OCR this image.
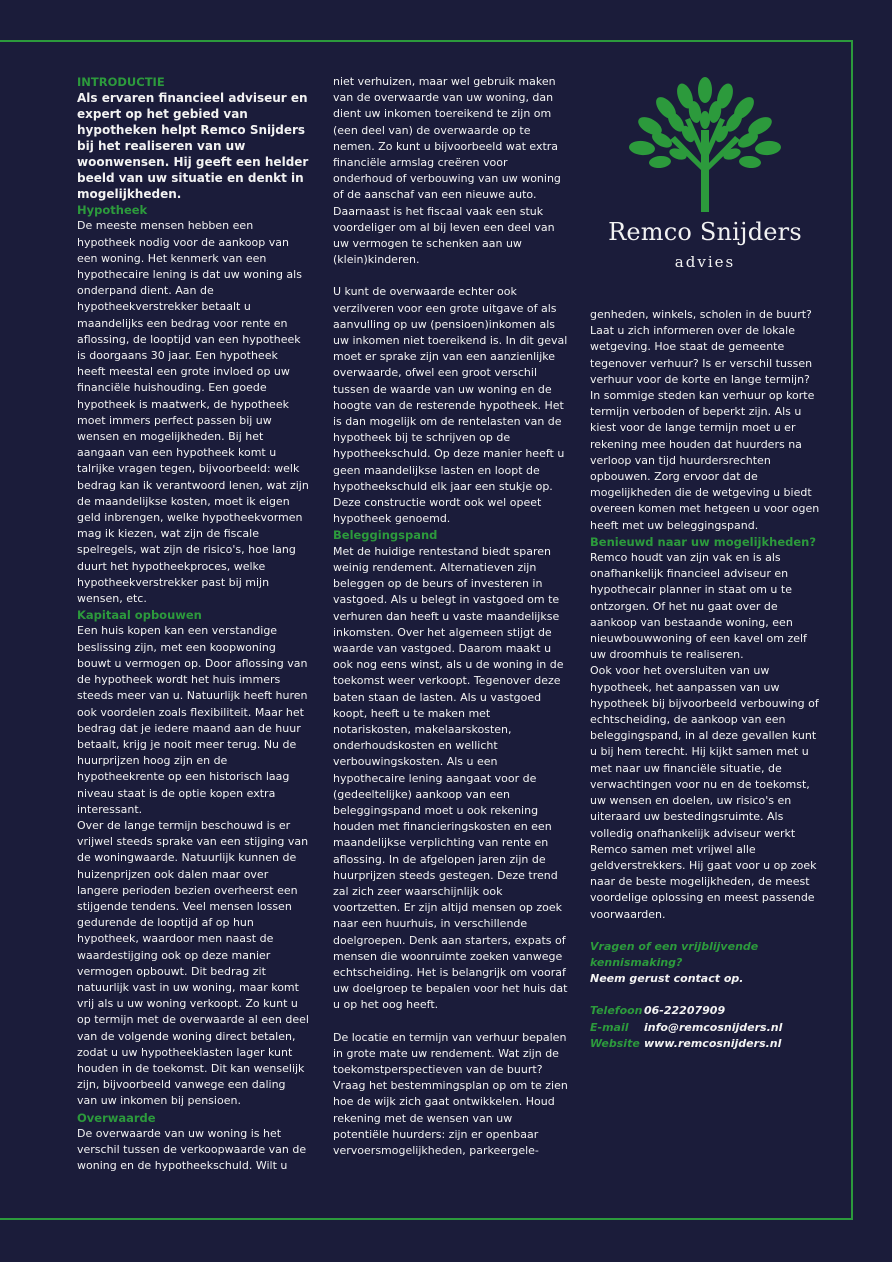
Remco Snijders
advies

INTRODUCTIE

Als ervaren financieel adviseur en expert op het gebied van hypotheken helpt Remco Snijders bij het realiseren van uw woonwensen. Hij geeft een helder beeld van uw situatie en denkt in mogelijkheden.

Hypotheek

De meeste mensen hebben een hypotheek nodig voor de aankoop van een woning. Het kenmerk van een hypothecaire lening is dat uw woning als onderpand dient. Aan de hypotheekverstrekker betaalt u maandelijks een bedrag voor rente en aflossing, de looptijd van een hypotheek is doorgaans 30 jaar. Een hypotheek heeft meestal een grote invloed op uw financiële huishouding. Een goede hypotheek is maatwerk, de hypotheek moet immers perfect passen bij uw wensen en mogelijkheden. Bij het aangaan van een hypotheek komt u talrijke vragen tegen, bijvoorbeeld: welk bedrag kan ik verantwoord lenen, wat zijn de maandelijkse kosten, moet ik eigen geld inbrengen, welke hypotheekvormen mag ik kiezen, wat zijn de fiscale spelregels, wat zijn de risico's, hoe lang duurt het hypotheekproces, welke hypotheekverstrekker past bij mijn wensen, etc.

Kapitaal opbouwen

Een huis kopen kan een verstandige beslissing zijn, met een koopwoning bouwt u vermogen op. Door aflossing van de hypotheek wordt het huis immers steeds meer van u. Natuurlijk heeft huren ook voordelen zoals flexibiliteit. Maar het bedrag dat je iedere maand aan de huur betaalt, krijg je nooit meer terug. Nu de huurprijzen hoog zijn en de hypotheekrente op een historisch laag niveau staat is de optie kopen extra interessant.

Over de lange termijn beschouwd is er vrijwel steeds sprake van een stijging van de woningwaarde. Natuurlijk kunnen de huizenprijzen ook dalen maar over langere perioden bezien overheerst een stijgende tendens. Veel mensen lossen gedurende de looptijd af op hun hypotheek, waardoor men naast de waardestijging ook op deze manier vermogen opbouwt. Dit bedrag zit natuurlijk vast in uw woning, maar komt vrij als u uw woning verkoopt. Zo kunt u op termijn met de overwaarde al een deel van de volgende woning direct betalen, zodat u uw hypotheeklasten lager kunt houden in de toekomst. Dit kan wenselijk zijn, bijvoorbeeld vanwege een daling van uw inkomen bij pensioen.

Overwaarde

De overwaarde van uw woning is het verschil tussen de verkoopwaarde van de woning en de hypotheekschuld. Wilt u

niet verhuizen, maar wel gebruik maken van de overwaarde van uw woning, dan dient uw inkomen toereikend te zijn om (een deel van) de overwaarde op te nemen. Zo kunt u bijvoorbeeld wat extra financiële armslag creëren voor onderhoud of verbouwing van uw woning of de aanschaf van een nieuwe auto. Daarnaast is het fiscaal vaak een stuk voordeliger om al bij leven een deel van uw vermogen te schenken aan uw (klein)kinderen.

U kunt de overwaarde echter ook verzilveren voor een grote uitgave of als aanvulling op uw (pensioen)inkomen als uw inkomen niet toereikend is. In dit geval moet er sprake zijn van een aanzienlijke overwaarde, ofwel een groot verschil tussen de waarde van uw woning en de hoogte van de resterende hypotheek. Het is dan mogelijk om de rentelasten van de hypotheek bij te schrijven op de hypotheekschuld. Op deze manier heeft u geen maandelijkse lasten en loopt de hypotheekschuld elk jaar een stukje op. Deze constructie wordt ook wel opeet hypotheek genoemd.

Beleggingspand

Met de huidige rentestand biedt sparen weinig rendement. Alternatieven zijn beleggen op de beurs of investeren in vastgoed. Als u belegt in vastgoed om te verhuren dan heeft u vaste maandelijkse inkomsten. Over het algemeen stijgt de waarde van vastgoed. Daarom maakt u ook nog eens winst, als u de woning in de toekomst weer verkoopt. Tegenover deze baten staan de lasten. Als u vastgoed koopt, heeft u te maken met notariskosten, makelaarskosten, onderhoudskosten en wellicht verbouwingskosten. Als u een hypothecaire lening aangaat voor de (gedeeltelijke) aankoop van een beleggingspand moet u ook rekening houden met financieringskosten en een maandelijkse verplichting van rente en aflossing. In de afgelopen jaren zijn de huurprijzen steeds gestegen. Deze trend zal zich zeer waarschijnlijk ook voortzetten. Er zijn altijd mensen op zoek naar een huurhuis, in verschillende doelgroepen. Denk aan starters, expats of mensen die woonruimte zoeken vanwege echtscheiding. Het is belangrijk om vooraf uw doelgroep te bepalen voor het huis dat u op het oog heeft.

De locatie en termijn van verhuur bepalen in grote mate uw rendement. Wat zijn de toekomstperspectieven van de buurt? Vraag het bestemmingsplan op om te zien hoe de wijk zich gaat ontwikkelen. Houd rekening met de wensen van uw potentiële huurders: zijn er openbaar vervoersmogelijkheden, parkeergele-

genheden, winkels, scholen in de buurt? Laat u zich informeren over de lokale wetgeving. Hoe staat de gemeente tegenover verhuur? Is er verschil tussen verhuur voor de korte en lange termijn? In sommige steden kan verhuur op korte termijn verboden of beperkt zijn. Als u kiest voor de lange termijn moet u er rekening mee houden dat huurders na verloop van tijd huurdersrechten opbouwen. Zorg ervoor dat de mogelijkheden die de wetgeving u biedt overeen komen met hetgeen u voor ogen heeft met uw beleggingspand.

Benieuwd naar uw mogelijkheden?

Remco houdt van zijn vak en is als onafhankelijk financieel adviseur en hypothecair planner in staat om u te ontzorgen. Of het nu gaat over de aankoop van bestaande woning, een nieuwbouwwoning of een kavel om zelf uw droomhuis te realiseren.

Ook voor het oversluiten van uw hypotheek, het aanpassen van uw hypotheek bij bijvoorbeeld verbouwing of echtscheiding, de aankoop van een beleggingspand, in al deze gevallen kunt u bij hem terecht. Hij kijkt samen met u met naar uw financiële situatie, de verwachtingen voor nu en de toekomst, uw wensen en doelen, uw risico's en uiteraard uw bestedingsruimte. Als volledig onafhankelijk adviseur werkt Remco samen met vrijwel alle geldverstrekkers. Hij gaat voor u op zoek naar de beste mogelijkheden, de meest voordelige oplossing en meest passende voorwaarden.

Vragen of een vrijblijvende kennismaking?

Neem gerust contact op.

Telefoon 06-22207909
E-mail	info@remcosnijders.nl
Website www.remcosnijders.nl
